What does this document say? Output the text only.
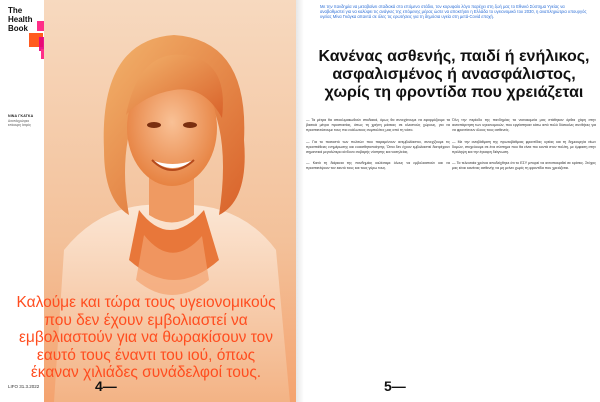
The Health Book
ΝΙΝΑ ΓΚΑΤΚΑ
Αναπληρώτρια επίκουρη Ιατρός
Καλούμε και τώρα τους υγειονομικούς που δεν έχουν εμβολιαστεί να εμβολιαστούν για να θωρακίσουν τον εαυτό τους έναντι του ιού, όπως έκαναν χιλιάδες συνάδελφοί τους.
LIFO 31.3.2022	4—
Με την πανδημία να μεταβαίνει σταδιακά στο επόμενο στάδιο, τον κορυφαίο λόγο παρέχει στη ζωή μας το Εθνικό Σύστημα Υγείας να αναβαθμιστεί για να καλύψει τις ανάγκες της επόμενης μέρας ώστε να αποκτήσει η Ελλάδα το υγειονομικό του 2030, η αναπληρώτρια υπουργός υγείας Μίνα Γκάγκα απαντά σε όλες τις ερωτήσεις για τη δημόσια υγεία στη μετά-Covid εποχή.
Κανένας ασθενής, παιδί ή ενήλικος, ασφαλισμένος ή ανασφάλιστος, χωρίς τη φροντίδα που χρειάζεται

— Τα μέτρα θα αποκλιμακωθούν σταδιακά, όμως θα συνεχίσουμε να εφαρμόζουμε τα βασικά μέτρα προστασίας, όπως τη χρήση μάσκας σε κλειστούς χώρους, για να προστατεύσουμε τους πιο ευάλωτους συμπολίτες μας από τη νόσο.

— Για το ποσοστό των πολιτών που παραμένουν ανεμβολίαστοι, συνεχίζουμε τις προσπάθειες ενημέρωσης και ευαισθητοποίησης. Όσοι δεν έχουν εμβολιαστεί διατρέχουν σημαντικά μεγαλύτερο κίνδυνο σοβαρής νόσησης και νοσηλείας.

— Κατά τη διάρκεια της πανδημίας καλέσαμε όλους να εμβολιαστούν και να προστατέψουν τον εαυτό τους και τους γύρω τους.

Όλη την περίοδο της πανδημίας τα νοσοκομεία μας στάθηκαν όρθια χάρη στην αυταπάρνηση των υγειονομικών, που εργάστηκαν κάτω από πολύ δύσκολες συνθήκες για να φροντίσουν όλους τους ασθενείς.

— Με την αναβάθμιση της πρωτοβάθμιας φροντίδας υγείας και τη δημιουργία νέων δομών, στοχεύουμε σε ένα σύστημα που θα είναι πιο κοντά στον πολίτη, με έμφαση στην πρόληψη και την έγκαιρη διάγνωση.

— Τα τελευταία χρόνια αποδείχθηκε ότι το ΕΣΥ μπορεί να ανταποκριθεί σε κρίσεις. Στόχος μας είναι κανένας ασθενής να μη μείνει χωρίς τη φροντίδα που χρειάζεται.

5—
